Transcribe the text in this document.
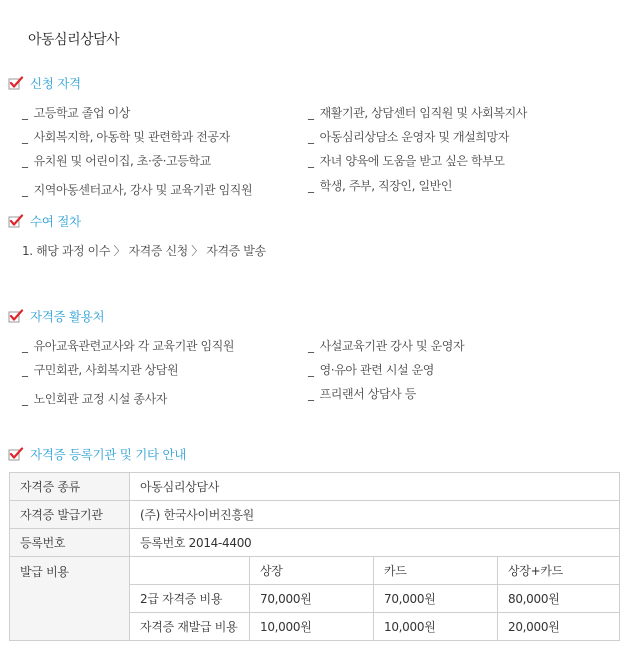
아동심리상담사
신청 자격
_ 고등학교 졸업 이상
_ 사회복지학, 아동학 및 관련학과 전공자
_ 유치원 및 어린이집, 초·중·고등학교
_ 지역아동센터교사, 강사 및 교육기관 임직원
_ 재활기관, 상담센터 임직원 및 사회복지사
_ 아동심리상담소 운영자 및 개설희망자
_ 자녀 양육에 도움을 받고 싶은 학부모
_ 학생, 주부, 직장인, 일반인
수여 절차
1. 해당 과정 이수 〉 자격증 신청 〉 자격증 발송
자격증 활용처
_ 유아교육관련교사와 각 교육기관 임직원
_ 구민회관, 사회복지관 상담원
_ 노인회관 교정 시설 종사자
_ 사설교육기관 강사 및 운영자
_ 영·유아 관련 시설 운영
_ 프리랜서 상담사 등
자격증 등록기관 및 기타 안내
자격증 종류	아동심리상담사			
자격증 발급기관	(주) 한국사이버진흥원			
등록번호	등록번호 2014-4400			
발급 비용		상장	카드	상장+카드
	2급 자격증 비용	70,000원	70,000원	80,000원
	자격증 재발급 비용	10,000원	10,000원	20,000원
